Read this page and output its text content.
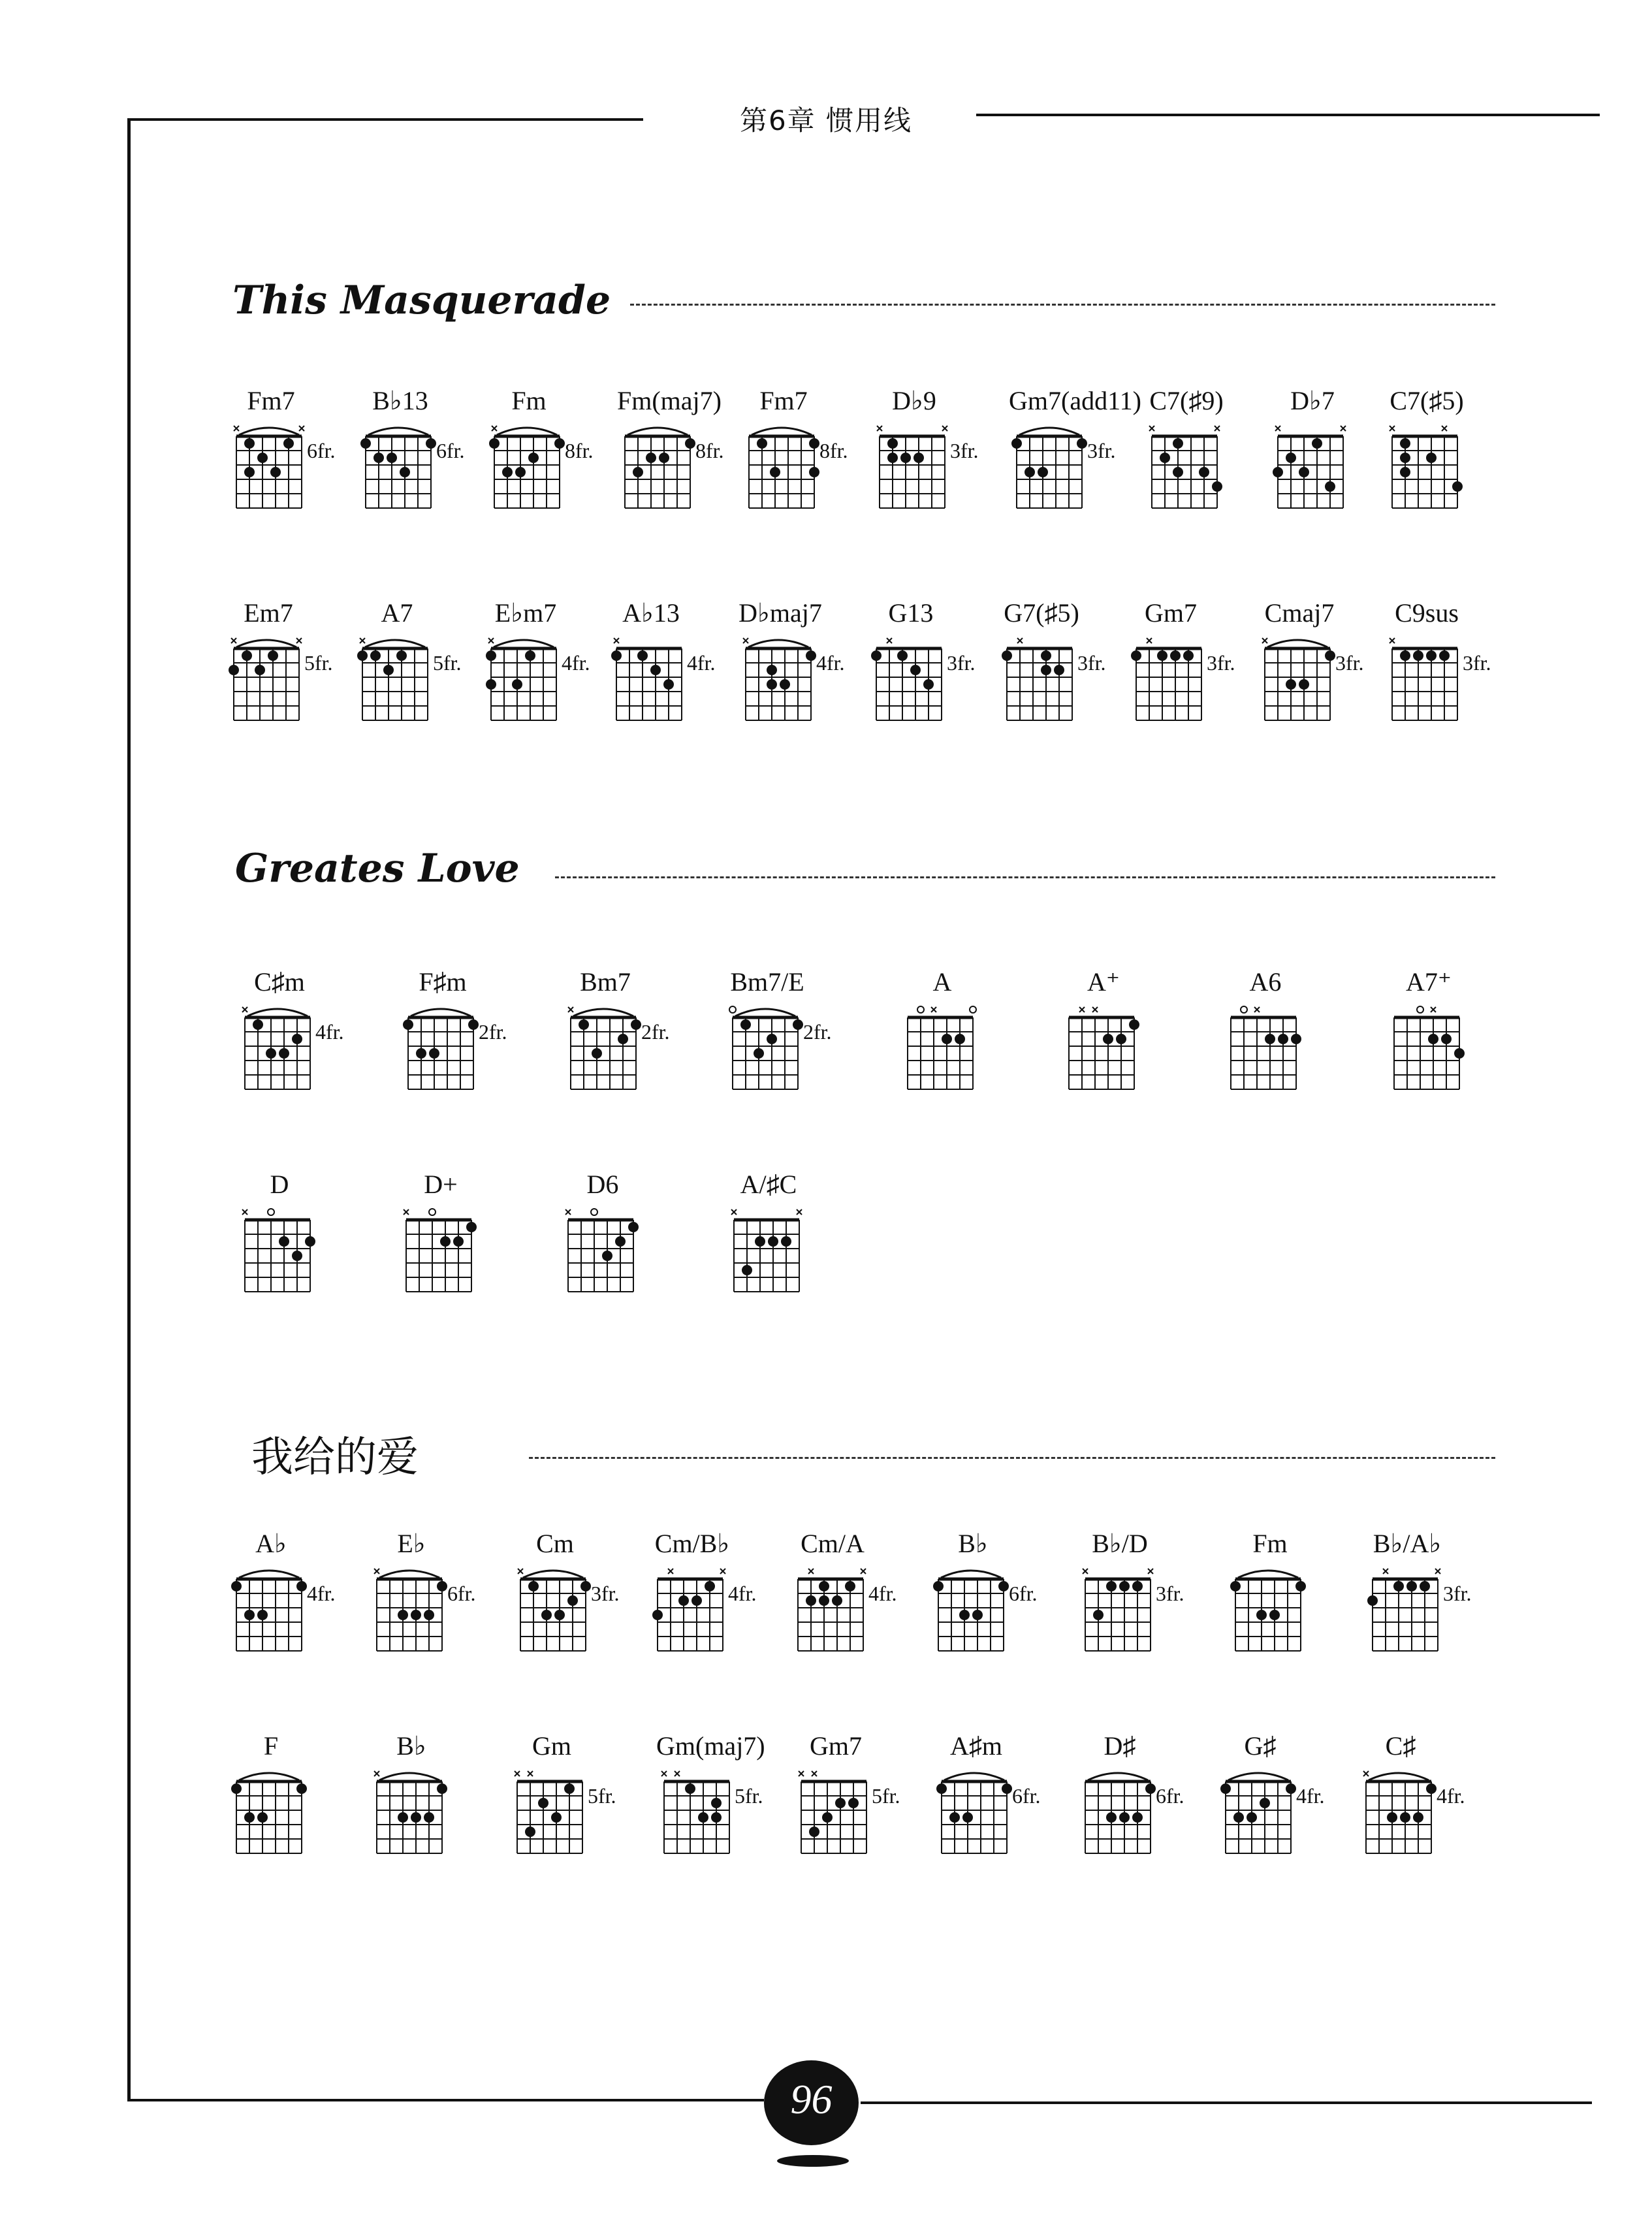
第6章 惯用线
This Masquerade
Greates Love
我给的爱
Fm7
6fr.
B♭13
6fr.
Fm
8fr.
Fm(maj7)
8fr.
Fm7
8fr.
D♭9
3fr.
Gm7(add11)
3fr.
C7(♯9)	D♭7	C7(♯5)
Em7
5fr.
A7
5fr.
E♭m7
4fr.
A♭13
4fr.
D♭maj7
4fr.
G13
3fr.
G7(♯5)
3fr.
Gm7
3fr.
Cmaj7
3fr.
C9sus
3fr.
C♯m
4fr.
F♯m
2fr.
Bm7
2fr.
Bm7/E
2fr.
A	A⁺	A6	A7⁺
D	D+	D6	A/♯C
A♭
4fr.
E♭
6fr.
Cm
3fr.
Cm/B♭
4fr.
Cm/A
4fr.
B♭
6fr.
B♭/D
3fr.
Fm	B♭/A♭
3fr.
F	B♭	Gm
5fr.
Gm(maj7)
5fr.
Gm7
5fr.
A♯m
6fr.
D♯
6fr.
G♯
4fr.
C♯
4fr.
96
